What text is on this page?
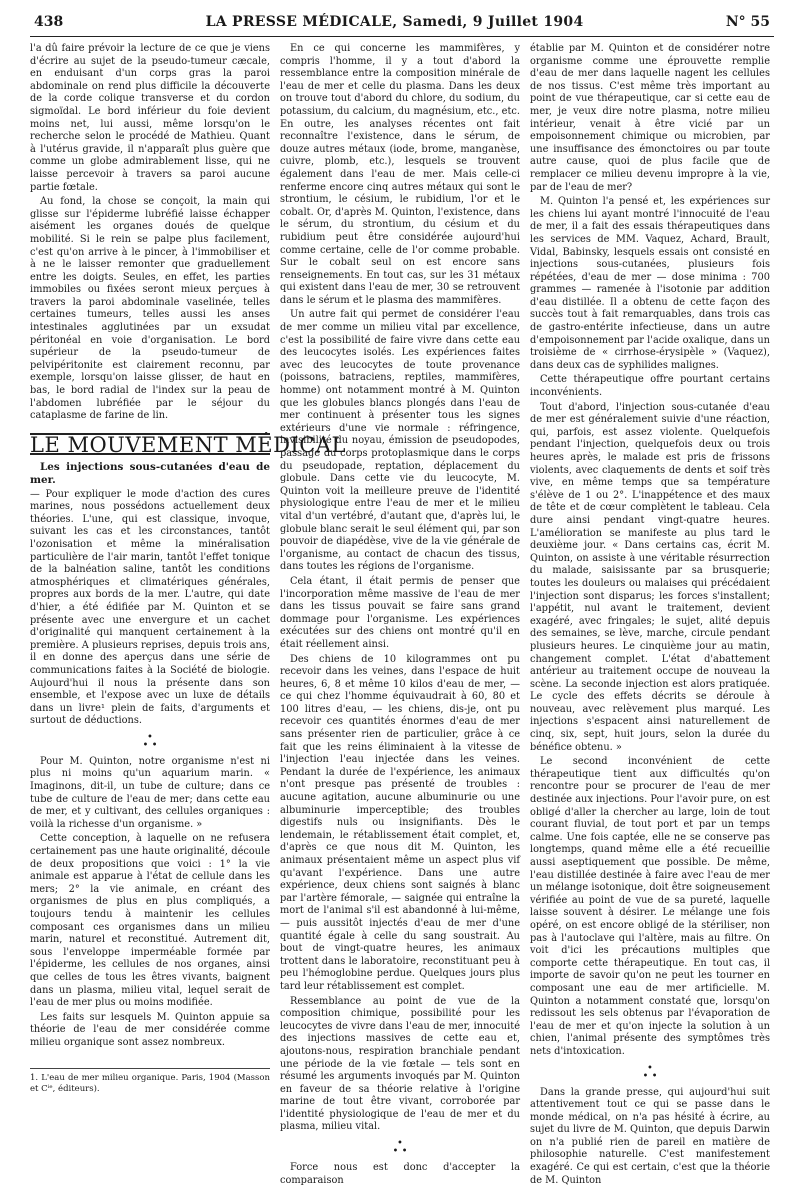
438	LA PRESSE MÉDICALE, Samedi, 9 Juillet 1904	N° 55

l'a dû faire prévoir la lecture de ce que je viens d'écrire au sujet de la pseudo-tumeur cæcale, en enduisant d'un corps gras la paroi abdominale on rend plus difficile la découverte de la corde colique transverse et du cordon sigmoïdal. Le bord inférieur du foie devient moins net, lui aussi, même lorsqu'on le recherche selon le procédé de Mathieu. Quant à l'utérus gravide, il n'apparaît plus guère que comme un globe admirablement lisse, qui ne laisse percevoir à travers sa paroi aucune partie fœtale.

Au fond, la chose se conçoit, la main qui glisse sur l'épiderme lubréfié laisse échapper aisément les organes doués de quelque mobilité. Si le rein se palpe plus facilement, c'est qu'on arrive à le pincer, à l'immobiliser et à ne le laisser remonter que graduellement entre les doigts. Seules, en effet, les parties immobiles ou fixées seront mieux perçues à travers la paroi abdominale vaselinée, telles certaines tumeurs, telles aussi les anses intestinales agglutinées par un exsudat péritonéal en voie d'organisation. Le bord supérieur de la pseudo-tumeur de pelvipéritonite est clairement reconnu, par exemple, lorsqu'on laisse glisser, de haut en bas, le bord radial de l'index sur la peau de l'abdomen lubréfiée par le séjour du cataplasme de farine de lin.

LE MOUVEMENT MÉDICAL

Les injections sous-cutanées d'eau de mer.

— Pour expliquer le mode d'action des cures marines, nous possédons actuellement deux théories. L'une, qui est classique, invoque, suivant les cas et les circonstances, tantôt l'ozonisation et même la minéralisation particulière de l'air marin, tantôt l'effet tonique de la balnéation saline, tantôt les conditions atmosphériques et climatériques générales, propres aux bords de la mer. L'autre, qui date d'hier, a été édifiée par M. Quinton et se présente avec une envergure et un cachet d'originalité qui manquent certainement à la première. A plusieurs reprises, depuis trois ans, il en donne des aperçus dans une série de communications faites à la Société de biologie. Aujourd'hui il nous la présente dans son ensemble, et l'expose avec un luxe de détails dans un livre¹ plein de faits, d'arguments et surtout de déductions.

•
• •

Pour M. Quinton, notre organisme n'est ni plus ni moins qu'un aquarium marin. « Imaginons, dit-il, un tube de culture; dans ce tube de culture de l'eau de mer; dans cette eau de mer, et y cultivant, des cellules organiques : voilà la richesse d'un organisme. »

Cette conception, à laquelle on ne refusera certainement pas une haute originalité, découle de deux propositions que voici : 1° la vie animale est apparue à l'état de cellule dans les mers; 2° la vie animale, en créant des organismes de plus en plus compliqués, a toujours tendu à maintenir les cellules composant ces organismes dans un milieu marin, naturel et reconstitué. Autrement dit, sous l'enveloppe imperméable formée par l'épiderme, les cellules de nos organes, ainsi que celles de tous les êtres vivants, baignent dans un plasma, milieu vital, lequel serait de l'eau de mer plus ou moins modifiée.

Les faits sur lesquels M. Quinton appuie sa théorie de l'eau de mer considérée comme milieu organique sont assez nombreux.

1. L'eau de mer milieu organique. Paris, 1904 (Masson et Cⁱᵉ, éditeurs).

En ce qui concerne les mammifères, y compris l'homme, il y a tout d'abord la ressemblance entre la composition minérale de l'eau de mer et celle du plasma. Dans les deux on trouve tout d'abord du chlore, du sodium, du potassium, du calcium, du magnésium, etc., etc. En outre, les analyses récentes ont fait reconnaître l'existence, dans le sérum, de douze autres métaux (iode, brome, manganèse, cuivre, plomb, etc.), lesquels se trouvent également dans l'eau de mer. Mais celle-ci renferme encore cinq autres métaux qui sont le strontium, le césium, le rubidium, l'or et le cobalt. Or, d'après M. Quinton, l'existence, dans le sérum, du strontium, du césium et du rubidium peut être considérée aujourd'hui comme certaine, celle de l'or comme probable. Sur le cobalt seul on est encore sans renseignements. En tout cas, sur les 31 métaux qui existent dans l'eau de mer, 30 se retrouvent dans le sérum et le plasma des mammifères.

Un autre fait qui permet de considérer l'eau de mer comme un milieu vital par excellence, c'est la possibilité de faire vivre dans cette eau des leucocytes isolés. Les expériences faites avec des leucocytes de toute provenance (poissons, batraciens, reptiles, mammifères, homme) ont notamment montré à M. Quinton que les globules blancs plongés dans l'eau de mer continuent à présenter tous les signes extérieurs d'une vie normale : réfringence, invisibilité du noyau, émission de pseudopodes, passage du corps protoplasmique dans le corps du pseudopade, reptation, déplacement du globule. Dans cette vie du leucocyte, M. Quinton voit la meilleure preuve de l'identité physiologique entre l'eau de mer et le milieu vital d'un vertébré, d'autant que, d'après lui, le globule blanc serait le seul élément qui, par son pouvoir de diapédèse, vive de la vie générale de l'organisme, au contact de chacun des tissus, dans toutes les régions de l'organisme.

Cela étant, il était permis de penser que l'incorporation même massive de l'eau de mer dans les tissus pouvait se faire sans grand dommage pour l'organisme. Les expériences exécutées sur des chiens ont montré qu'il en était réellement ainsi.

Des chiens de 10 kilogrammes ont pu recevoir dans les veines, dans l'espace de huit heures, 6, 8 et même 10 kilos d'eau de mer, — ce qui chez l'homme équivaudrait à 60, 80 et 100 litres d'eau, — les chiens, dis-je, ont pu recevoir ces quantités énormes d'eau de mer sans présenter rien de particulier, grâce à ce fait que les reins éliminaient à la vitesse de l'injection l'eau injectée dans les veines. Pendant la durée de l'expérience, les animaux n'ont presque pas présenté de troubles : aucune agitation, aucune albuminurie ou une albuminurie imperceptible; des troubles digestifs nuls ou insignifiants. Dès le lendemain, le rétablissement était complet, et, d'après ce que nous dit M. Quinton, les animaux présentaient même un aspect plus vif qu'avant l'expérience. Dans une autre expérience, deux chiens sont saignés à blanc par l'artère fémorale, — saignée qui entraîne la mort de l'animal s'il est abandonné à lui-même, — puis aussitôt injectés d'eau de mer d'une quantité égale à celle du sang soustrait. Au bout de vingt-quatre heures, les animaux trottent dans le laboratoire, reconstituant peu à peu l'hémoglobine perdue. Quelques jours plus tard leur rétablissement est complet.

Ressemblance au point de vue de la composition chimique, possibilité pour les leucocytes de vivre dans l'eau de mer, innocuité des injections massives de cette eau et, ajoutons-nous, respiration branchiale pendant une période de la vie fœtale — tels sont en résumé les arguments invoqués par M. Quinton en faveur de sa théorie relative à l'origine marine de tout être vivant, corroborée par l'identité physiologique de l'eau de mer et du plasma, milieu vital.

•
• •

Force nous est donc d'accepter la comparaison

établie par M. Quinton et de considérer notre organisme comme une éprouvette remplie d'eau de mer dans laquelle nagent les cellules de nos tissus. C'est même très important au point de vue thérapeutique, car si cette eau de mer, je veux dire notre plasma, notre milieu intérieur, venait à être vicié par un empoisonnement chimique ou microbien, par une insuffisance des émonctoires ou par toute autre cause, quoi de plus facile que de remplacer ce milieu devenu impropre à la vie, par de l'eau de mer?

M. Quinton l'a pensé et, les expériences sur les chiens lui ayant montré l'innocuité de l'eau de mer, il a fait des essais thérapeutiques dans les services de MM. Vaquez, Achard, Brault, Vidal, Babinsky, lesquels essais ont consisté en injections sous-cutanées, plusieurs fois répétées, d'eau de mer — dose minima : 700 grammes — ramenée à l'isotonie par addition d'eau distillée. Il a obtenu de cette façon des succès tout à fait remarquables, dans trois cas de gastro-entérite infectieuse, dans un autre d'empoisonnement par l'acide oxalique, dans un troisième de « cirrhose-érysipèle » (Vaquez), dans deux cas de syphilides malignes.

Cette thérapeutique offre pourtant certains inconvénients.

Tout d'abord, l'injection sous-cutanée d'eau de mer est généralement suivie d'une réaction, qui, parfois, est assez violente. Quelquefois pendant l'injection, quelquefois deux ou trois heures après, le malade est pris de frissons violents, avec claquements de dents et soif très vive, en même temps que sa température s'élève de 1 ou 2°. L'inappétence et des maux de tête et de cœur complètent le tableau. Cela dure ainsi pendant vingt-quatre heures. L'amélioration se manifeste au plus tard le deuxième jour. « Dans certains cas, écrit M. Quinton, on assiste à une véritable résurrection du malade, saisissante par sa brusquerie; toutes les douleurs ou malaises qui précédaient l'injection sont disparus; les forces s'installent; l'appétit, nul avant le traitement, devient exagéré, avec fringales; le sujet, alité depuis des semaines, se lève, marche, circule pendant plusieurs heures. Le cinquième jour au matin, changement complet. L'état d'abattement antérieur au traitement occupe de nouveau la scène. La seconde injection est alors pratiquée. Le cycle des effets décrits se déroule à nouveau, avec relèvement plus marqué. Les injections s'espacent ainsi naturellement de cinq, six, sept, huit jours, selon la durée du bénéfice obtenu. »

Le second inconvénient de cette thérapeutique tient aux difficultés qu'on rencontre pour se procurer de l'eau de mer destinée aux injections. Pour l'avoir pure, on est obligé d'aller la chercher au large, loin de tout courant fluvial, de tout port et par un temps calme. Une fois captée, elle ne se conserve pas longtemps, quand même elle a été recueillie aussi aseptiquement que possible. De même, l'eau distillée destinée à faire avec l'eau de mer un mélange isotonique, doit être soigneusement vérifiée au point de vue de sa pureté, laquelle laisse souvent à désirer. Le mélange une fois opéré, on est encore obligé de la stériliser, non pas à l'autoclave qui l'altère, mais au filtre. On voit d'ici les précautions multiples que comporte cette thérapeutique. En tout cas, il importe de savoir qu'on ne peut les tourner en composant une eau de mer artificielle. M. Quinton a notamment constaté que, lorsqu'on redissout les sels obtenus par l'évaporation de l'eau de mer et qu'on injecte la solution à un chien, l'animal présente des symptômes très nets d'intoxication.

•
• •

Dans la grande presse, qui aujourd'hui suit attentivement tout ce qui se passe dans le monde médical, on n'a pas hésité à écrire, au sujet du livre de M. Quinton, que depuis Darwin on n'a publié rien de pareil en matière de philosophie naturelle. C'est manifestement exagéré. Ce qui est certain, c'est que la théorie de M. Quinton
